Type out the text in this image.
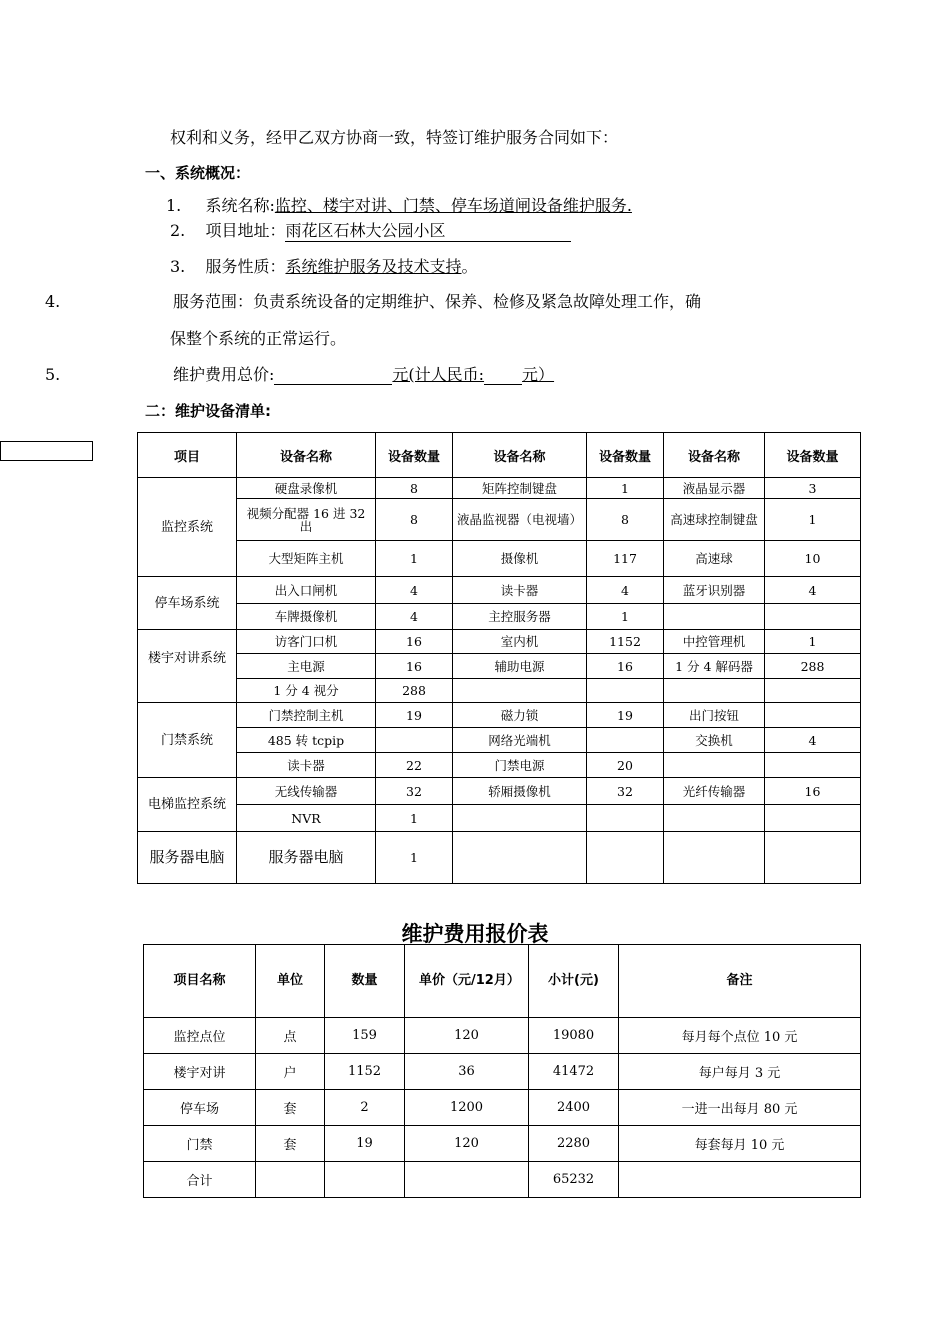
权利和义务，经甲乙双方协商一致，特签订维护服务合同如下：
一、系统概况：
1. 系统名称:监控、楼宇对讲、门禁、停车场道闸设备维护服务.
2. 项目地址：雨花区石林大公园小区
3. 服务性质：系统维护服务及技术支持。
4.	服务范围：负责系统设备的定期维护、保养、检修及紧急故障处理工作，确
保整个系统的正常运行。
5.	维护费用总价:	元(计人民币: 元）
二：维护设备清单:
项目	设备名称	设备数量	设备名称	设备数量	设备名称	设备数量
监控系统	硬盘录像机	8	矩阵控制键盘	1	液晶显示器	3
	视频分配器 16 进 32 出	8	液晶监视器（电视墙）	8	高速球控制键盘	1
	大型矩阵主机	1	摄像机	117	高速球	10
停车场系统	出入口闸机	4	读卡器	4	蓝牙识别器	4
	车牌摄像机	4	主控服务器	1		
楼宇对讲系统	访客门口机	16	室内机	1152	中控管理机	1
	主电源	16	辅助电源	16	1 分 4 解码器	288
	1 分 4 视分	288				
门禁系统	门禁控制主机	19	磁力锁	19	出门按钮	
	485 转 tcpip		网络光端机		交换机	4
	读卡器	22	门禁电源	20		
电梯监控系统	无线传输器	32	轿厢摄像机	32	光纤传输器	16
	NVR	1				
服务器电脑	服务器电脑	1				
维护费用报价表
项目名称	单位	数量	单价（元/12月）	小计(元)	备注
监控点位	点	159	120	19080	每月每个点位 10 元
楼宇对讲	户	1152	36	41472	每户每月 3 元
停车场	套	2	1200	2400	一进一出每月 80 元
门禁	套	19	120	2280	每套每月 10 元
合计				65232	
